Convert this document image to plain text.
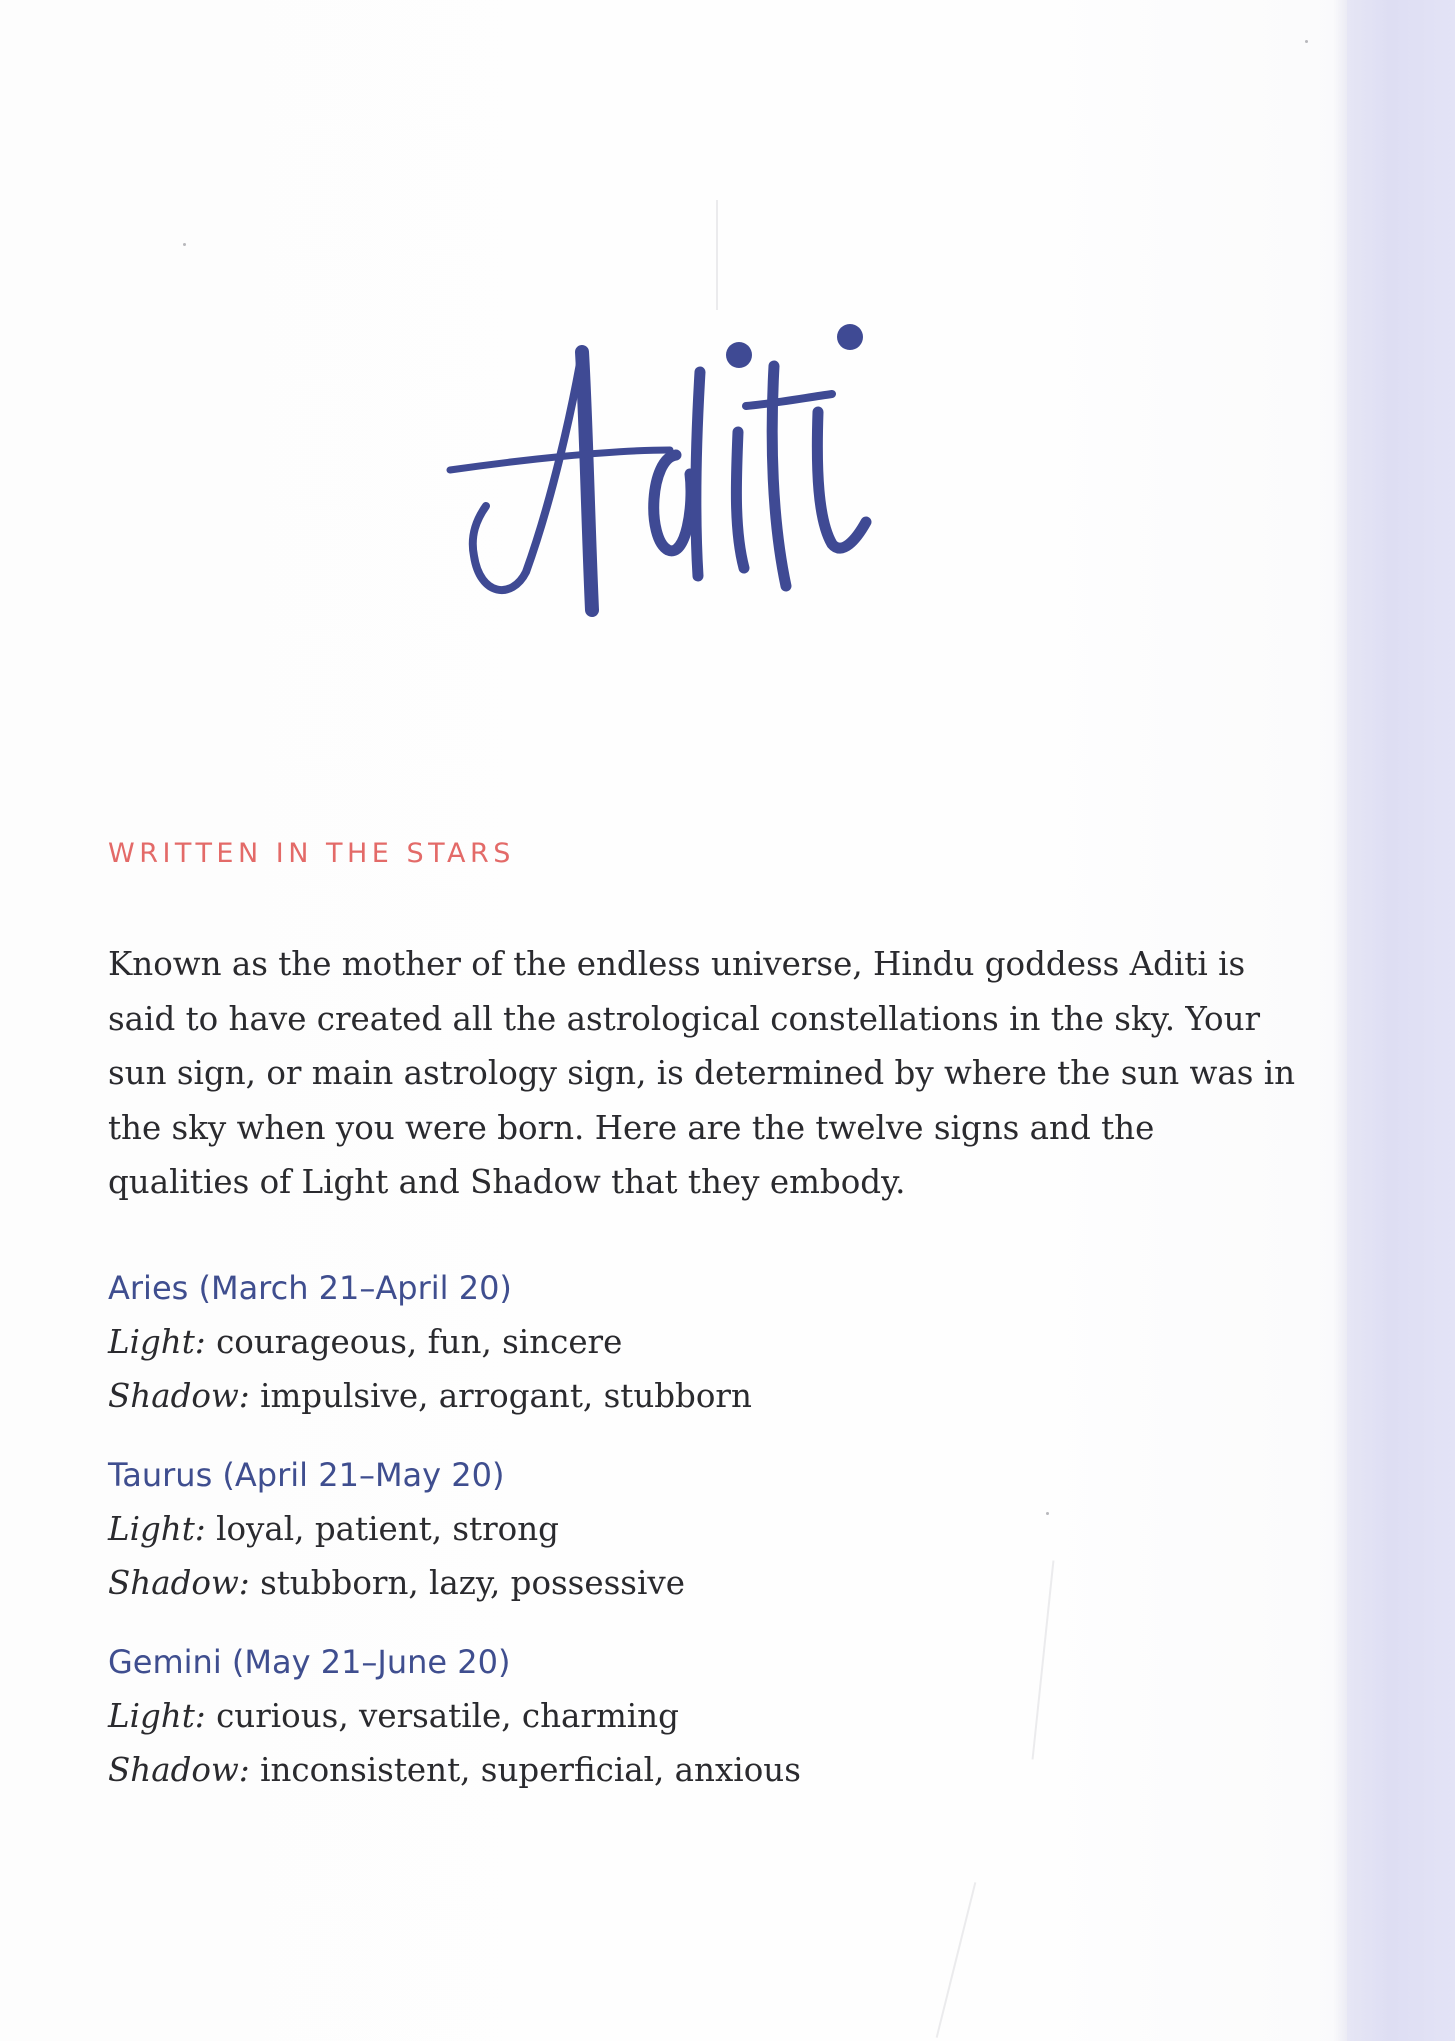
WRITTEN IN THE STARS

Known as the mother of the endless universe, Hindu goddess Aditi is said to have created all the astrological constellations in the sky. Your sun sign, or main astrology sign, is determined by where the sun was in the sky when you were born. Here are the twelve signs and the qualities of Light and Shadow that they embody.

Aries (March 21–April 20)
Light: courageous, fun, sincere
Shadow: impulsive, arrogant, stubborn
Taurus (April 21–May 20)
Light: loyal, patient, strong
Shadow: stubborn, lazy, possessive
Gemini (May 21–June 20)
Light: curious, versatile, charming
Shadow: inconsistent, superficial, anxious
